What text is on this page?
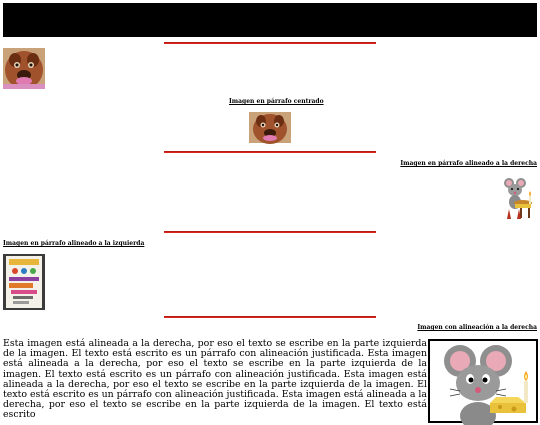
Imagen en párrafo centrado
Imagen en párrafo alineado a la derecha
Imagen en párrafo alineado a la izquierda
Imagen con alineación a la derecha
Esta imagen está alineada a la derecha, por eso el texto se escribe en la parte izquierda de la imagen. El texto está escrito es un párrafo con alineación justificada. Esta imagen está alineada a la derecha, por eso el texto se escribe en la parte izquierda de la imagen. El texto está escrito es un párrafo con alineación justificada. Esta imagen está alineada a la derecha, por eso el texto se escribe en la parte izquierda de la imagen. El texto está escrito es un párrafo con alineación justificada. Esta imagen está alineada a la derecha, por eso el texto se escribe en la parte izquierda de la imagen. El texto está escrito
